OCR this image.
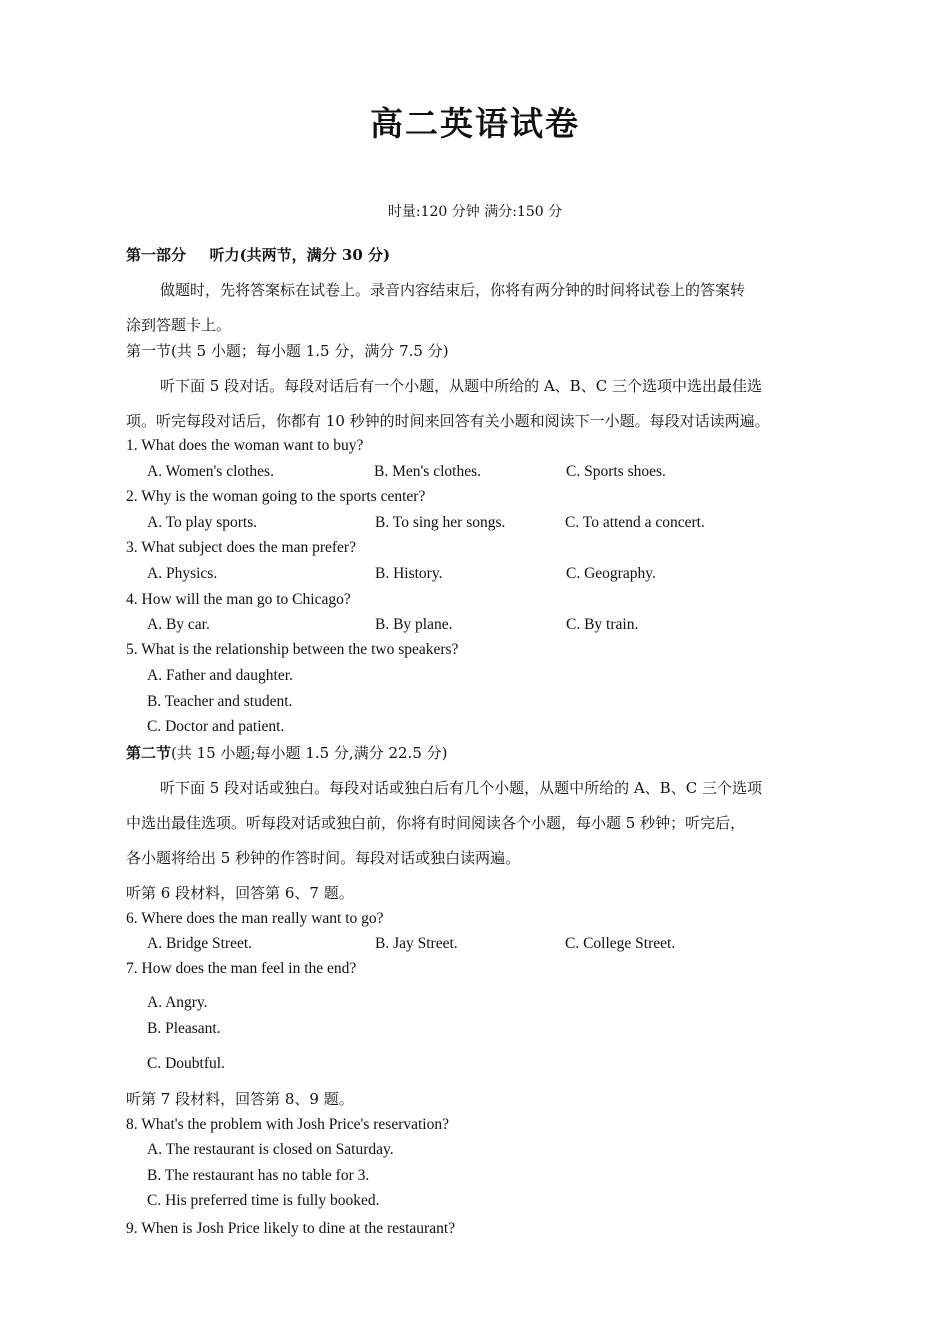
高二英语试卷
时量:120 分钟 满分:150 分
第一部分 听力(共两节，满分 30 分)
做题时，先将答案标在试卷上。录音内容结束后，你将有两分钟的时间将试卷上的答案转
涂到答题卡上。
第一节(共 5 小题；每小题 1.5 分，满分 7.5 分)
听下面 5 段对话。每段对话后有一个小题，从题中所给的 A、B、C 三个选项中选出最佳选
项。听完每段对话后，你都有 10 秒钟的时间来回答有关小题和阅读下一小题。每段对话读两遍。
1. What does the woman want to buy?
A. Women's clothes.	B. Men's clothes.	C. Sports shoes.
2. Why is the woman going to the sports center?
A. To play sports.	B. To sing her songs.	C. To attend a concert.
3. What subject does the man prefer?
A. Physics.	B. History.	C. Geography.
4. How will the man go to Chicago?
A. By car.	B. By plane.	C. By train.
5. What is the relationship between the two speakers?
A. Father and daughter.
B. Teacher and student.
C. Doctor and patient.
第二节(共 15 小题;每小题 1.5 分,满分 22.5 分)
听下面 5 段对话或独白。每段对话或独白后有几个小题，从题中所给的 A、B、C 三个选项
中选出最佳选项。听每段对话或独白前，你将有时间阅读各个小题，每小题 5 秒钟；听完后，
各小题将给出 5 秒钟的作答时间。每段对话或独白读两遍。
听第 6 段材料，回答第 6、7 题。
6. Where does the man really want to go?
A. Bridge Street.	B. Jay Street.	C. College Street.
7. How does the man feel in the end?
A. Angry.
B. Pleasant.
C. Doubtful.
听第 7 段材料，回答第 8、9 题。
8. What's the problem with Josh Price's reservation?
A. The restaurant is closed on Saturday.
B. The restaurant has no table for 3.
C. His preferred time is fully booked.
9. When is Josh Price likely to dine at the restaurant?
